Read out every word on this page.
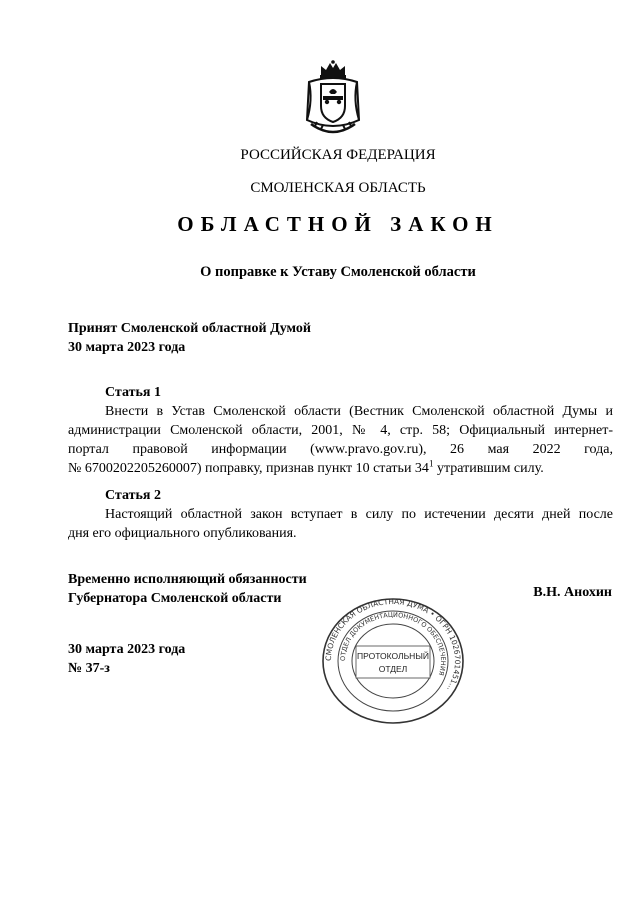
РОССИЙСКАЯ ФЕДЕРАЦИЯ
СМОЛЕНСКАЯ ОБЛАСТЬ
ОБЛАСТНОЙ ЗАКОН
О поправке к Уставу Смоленской области
Принят Смоленской областной Думой
30 марта 2023 года
Статья 1
Внести в Устав Смоленской области (Вестник Смоленской областной Думы и
администрации Смоленской области, 2001, № 4, стр. 58; Официальный интернет-
портал правовой информации (www.pravo.gov.ru), 26 мая 2022 года,
№ 6700202205260007) поправку, признав пункт 10 статьи $34^1$ утратившим силу.
Статья 2
Настоящий областной закон вступает в силу по истечении десяти дней после
дня его официального опубликования.
Временно исполняющий обязанности
Губернатора Смоленской области	В.Н. Анохин
30 марта 2023 года
№ 37-з
СМОЛЕНСКАЯ ОБЛАСТНАЯ ДУМА • ОГРН 1026701451...
ОТДЕЛ ДОКУМЕНТАЦИОННОГО ОБЕСПЕЧЕНИЯ
ПРОТОКОЛЬНЫЙ
ОТДЕЛ
